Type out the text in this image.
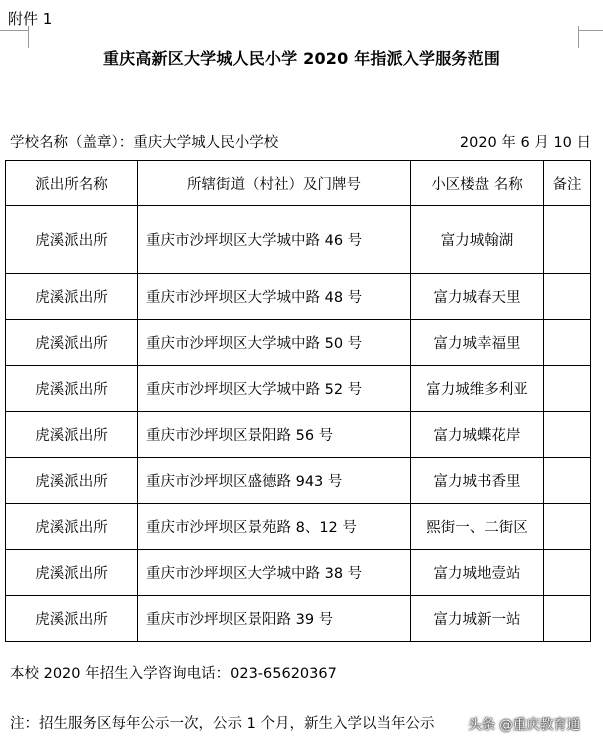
附件 1
重庆高新区大学城人民小学 2020 年指派入学服务范围
学校名称（盖章）：重庆大学城人民小学校	2020 年 6 月 10 日
派出所名称	所辖街道（村社）及门牌号	小区楼盘 名称	备注
虎溪派出所	重庆市沙坪坝区大学城中路 46 号	富力城翰湖	
虎溪派出所	重庆市沙坪坝区大学城中路 48 号	富力城春天里	
虎溪派出所	重庆市沙坪坝区大学城中路 50 号	富力城幸福里	
虎溪派出所	重庆市沙坪坝区大学城中路 52 号	富力城维多利亚	
虎溪派出所	重庆市沙坪坝区景阳路 56 号	富力城蝶花岸	
虎溪派出所	重庆市沙坪坝区盛德路 943 号	富力城书香里	
虎溪派出所	重庆市沙坪坝区景苑路 8、12 号	熙街一、二街区	
虎溪派出所	重庆市沙坪坝区大学城中路 38 号	富力城地壹站	
虎溪派出所	重庆市沙坪坝区景阳路 39 号	富力城新一站	
本校 2020 年招生入学咨询电话：023-65620367
注：招生服务区每年公示一次，公示 1 个月，新生入学以当年公示 头条 @重庆教育通
